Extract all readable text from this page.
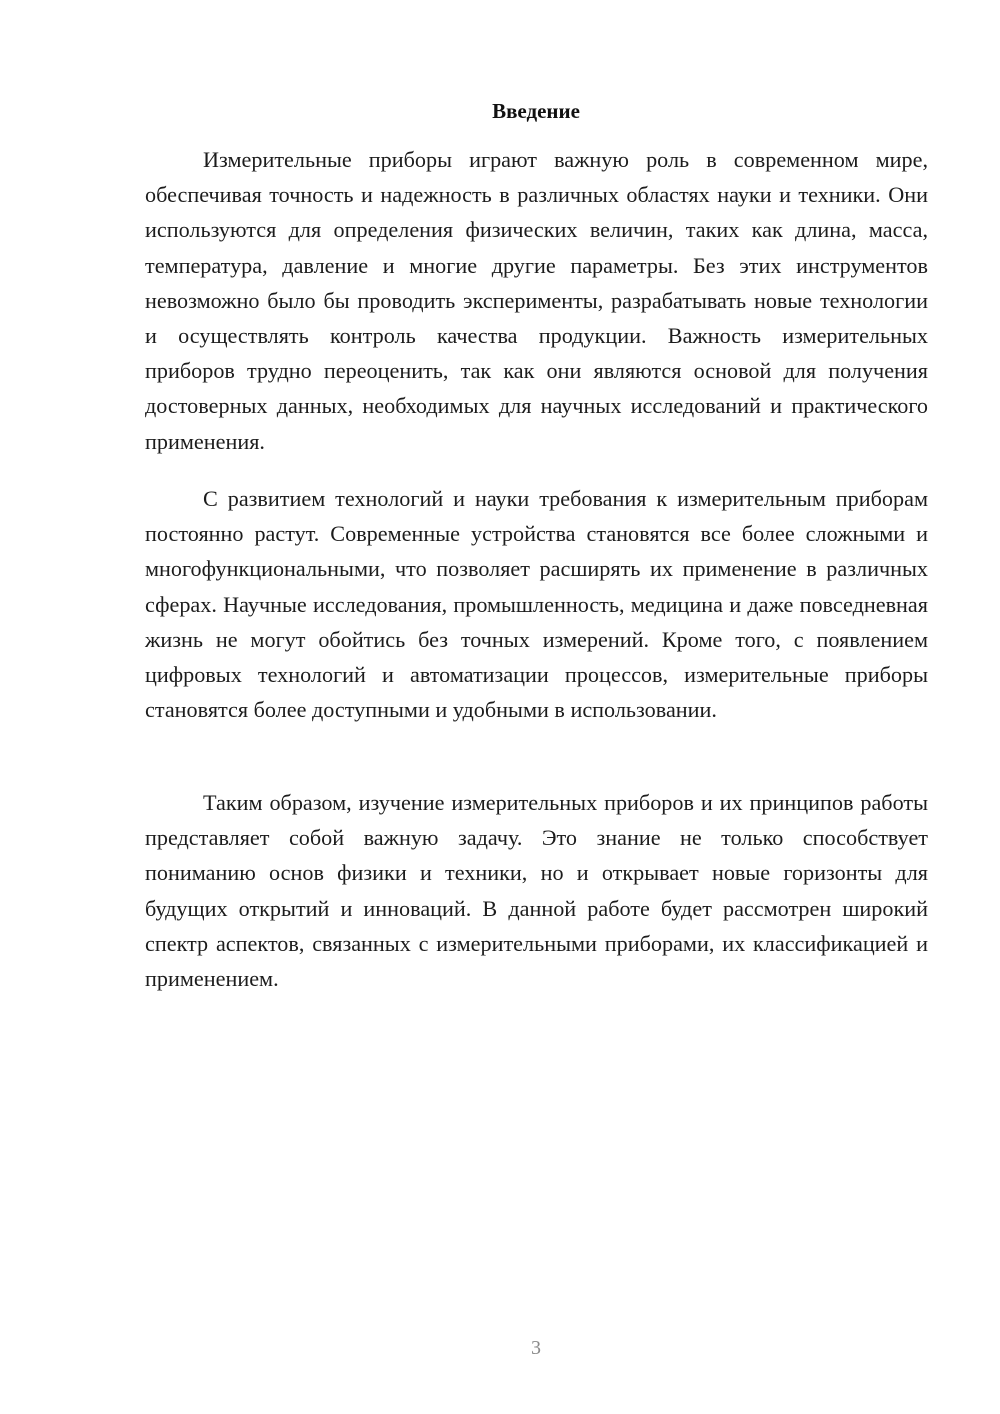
Введение

Измерительные приборы играют важную роль в современном мире, обеспечивая точность и надежность в различных областях науки и техники. Они используются для определения физических величин, таких как длина, масса, температура, давление и многие другие параметры. Без этих инструментов невозможно было бы проводить эксперименты, разрабатывать новые технологии и осуществлять контроль качества продукции. Важность измерительных приборов трудно переоценить, так как они являются основой для получения достоверных данных, необходимых для научных исследований и практического применения.

С развитием технологий и науки требования к измерительным приборам постоянно растут. Современные устройства становятся все более сложными и многофункциональными, что позволяет расширять их применение в различных сферах. Научные исследования, промышленность, медицина и даже повседневная жизнь не могут обойтись без точных измерений. Кроме того, с появлением цифровых технологий и автоматизации процессов, измерительные приборы становятся более доступными и удобными в использовании.

Таким образом, изучение измерительных приборов и их принципов работы представляет собой важную задачу. Это знание не только способствует пониманию основ физики и техники, но и открывает новые горизонты для будущих открытий и инноваций. В данной работе будет рассмотрен широкий спектр аспектов, связанных с измерительными приборами, их классификацией и применением.

3
